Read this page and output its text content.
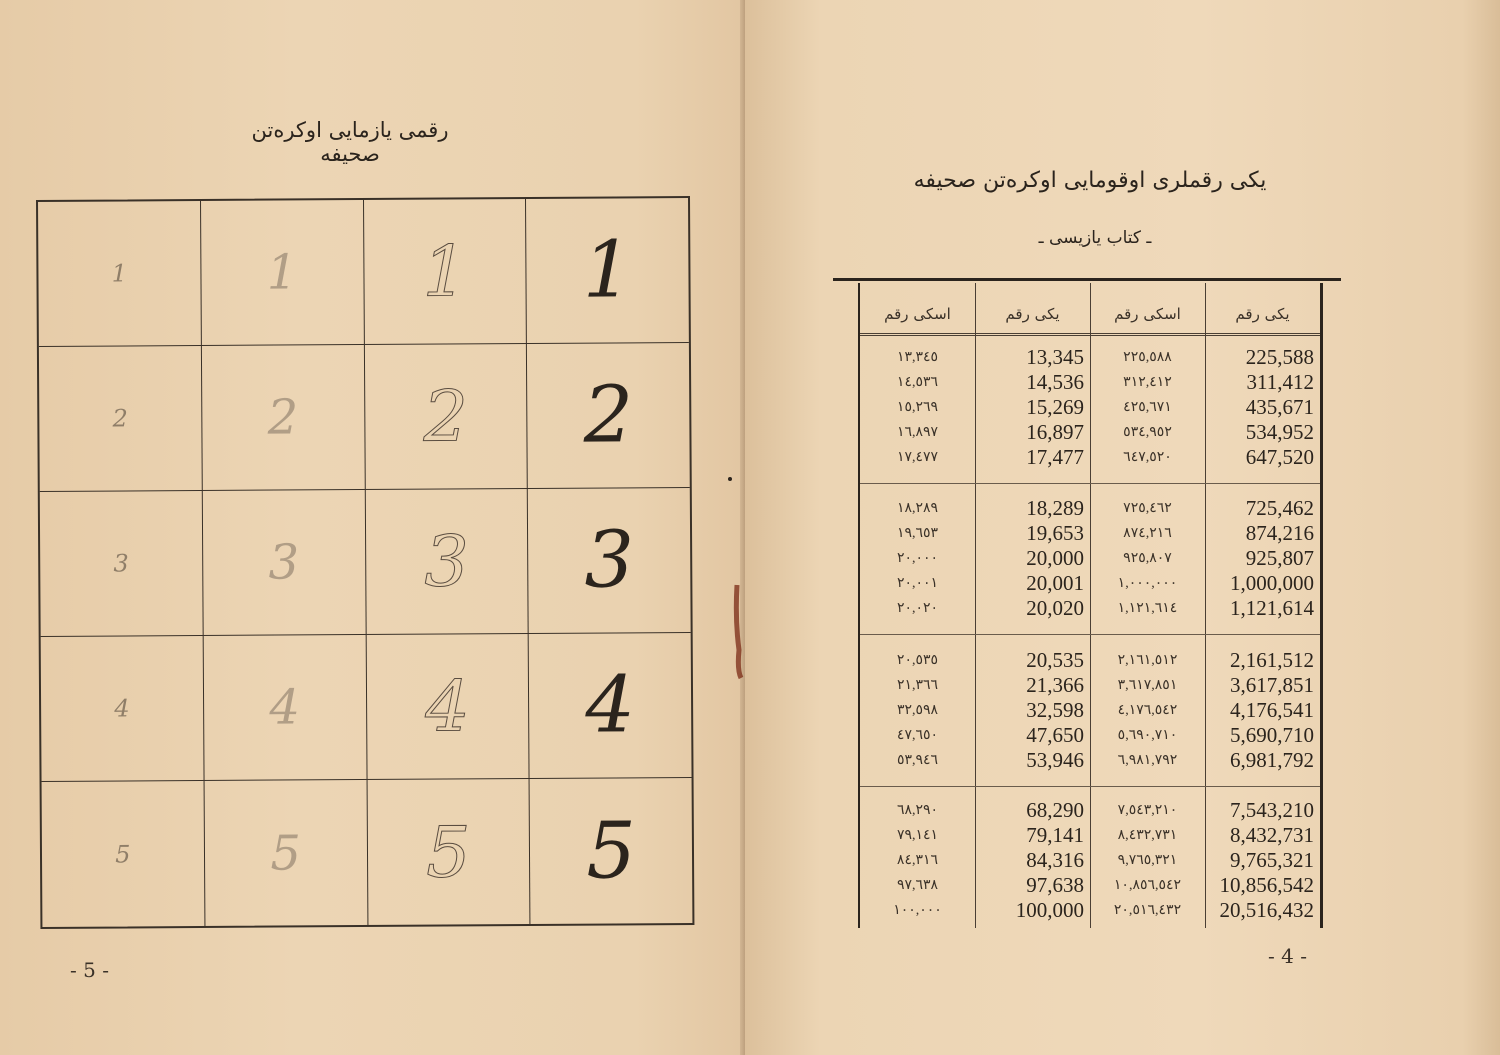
رقمی یازمایی اوکره‌تن صحیفه
1	1	1	1
2	2	2	2
3	3	3	3
4	4	4	4
5	5	5	5
- 5 -
یکی رقملری اوقومایی اوکره‌تن صحیفه
ـ کتاب یازیسی ـ
اسکی رقم	یکی رقم	اسکی رقم	یکی رقم
۱۳,۳٤٥	13,345	۲۲٥,٥۸۸	225,588
۱٤,٥۳٦	14,536	۳۱۲,٤۱۲	311,412
۱٥,۲٦۹	15,269	٤۲٥,٦۷۱	435,671
۱٦,۸۹۷	16,897	٥۳٤,۹٥۲	534,952
۱۷,٤۷۷	17,477	٦٤۷,٥۲۰	647,520
۱۸,۲۸۹	18,289	۷۲٥,٤٦۲	725,462
۱۹,٦٥۳	19,653	۸۷٤,۲۱٦	874,216
۲۰,۰۰۰	20,000	۹۲٥,۸۰۷	925,807
۲۰,۰۰۱	20,001	۱,۰۰۰,۰۰۰	1,000,000
۲۰,۰۲۰	20,020	۱,۱۲۱,٦۱٤	1,121,614
۲۰,٥۳٥	20,535	۲,۱٦۱,٥۱۲	2,161,512
۲۱,۳٦٦	21,366	۳,٦۱۷,۸٥۱	3,617,851
۳۲,٥۹۸	32,598	٤,۱۷٦,٥٤۲	4,176,541
٤۷,٦٥۰	47,650	٥,٦۹۰,۷۱۰	5,690,710
٥۳,۹٤٦	53,946	٦,۹۸۱,۷۹۲	6,981,792
٦۸,۲۹۰	68,290	۷,٥٤۳,۲۱۰	7,543,210
۷۹,۱٤۱	79,141	۸,٤۳۲,۷۳۱	8,432,731
۸٤,۳۱٦	84,316	۹,۷٦٥,۳۲۱	9,765,321
۹۷,٦۳۸	97,638	۱۰,۸٥٦,٥٤۲	10,856,542
۱۰۰,۰۰۰	100,000	۲۰,٥۱٦,٤۳۲	20,516,432
- 4 -
